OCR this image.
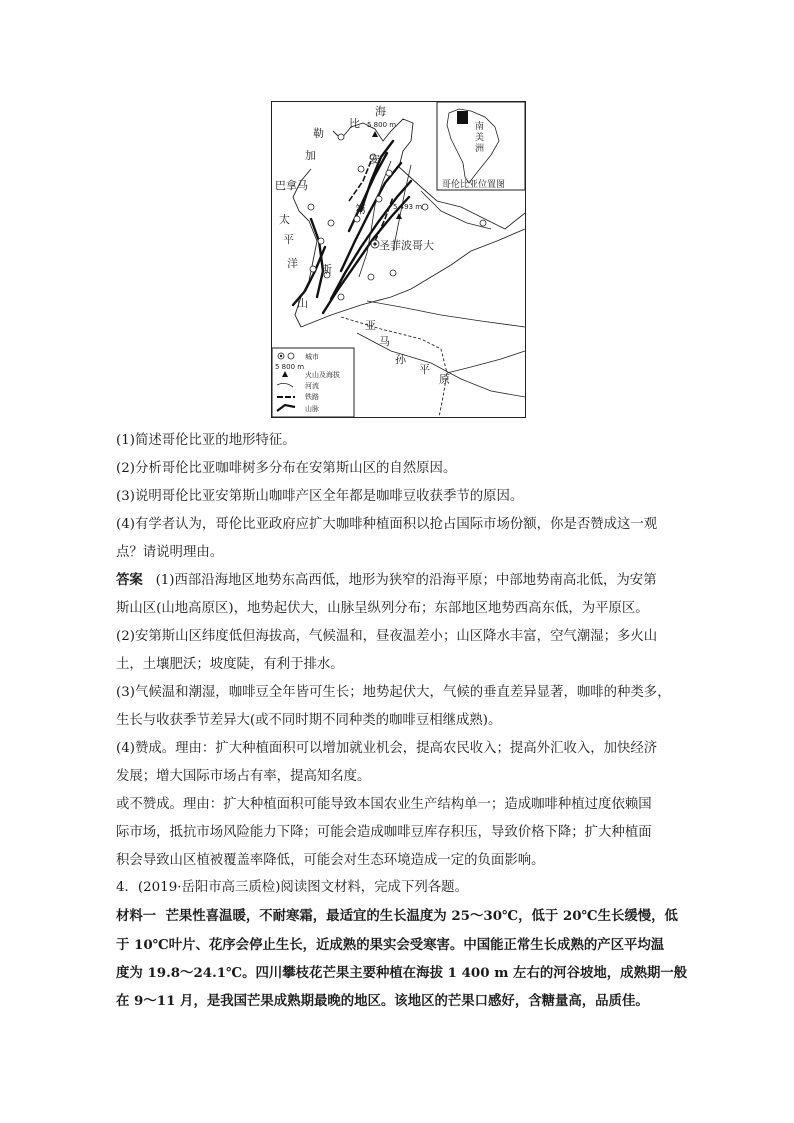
南
美
洲
哥伦比亚位置图
海
比 5 800 m
勒
加	安
巴拿马
第	5 493 m
太
平	圣菲波哥大
洋 斯
山
亚
马
孙
平
原
城市
5 800 m
火山及海拔
河流
铁路
山脉
(1)简述哥伦比亚的地形特征。
(2)分析哥伦比亚咖啡树多分布在安第斯山区的自然原因。
(3)说明哥伦比亚安第斯山咖啡产区全年都是咖啡豆收获季节的原因。
(4)有学者认为，哥伦比亚政府应扩大咖啡种植面积以抢占国际市场份额，你是否赞成这一观
点？请说明理由。
答案 (1)西部沿海地区地势东高西低，地形为狭窄的沿海平原；中部地势南高北低，为安第
斯山区(山地高原区)，地势起伏大，山脉呈纵列分布；东部地区地势西高东低，为平原区。
(2)安第斯山区纬度低但海拔高，气候温和，昼夜温差小；山区降水丰富，空气潮湿；多火山
土，土壤肥沃；坡度陡，有利于排水。
(3)气候温和潮湿，咖啡豆全年皆可生长；地势起伏大，气候的垂直差异显著，咖啡的种类多，
生长与收获季节差异大(或不同时期不同种类的咖啡豆相继成熟)。
(4)赞成。理由：扩大种植面积可以增加就业机会，提高农民收入；提高外汇收入，加快经济
发展；增大国际市场占有率，提高知名度。
或不赞成。理由：扩大种植面积可能导致本国农业生产结构单一；造成咖啡种植过度依赖国
际市场，抵抗市场风险能力下降；可能会造成咖啡豆库存积压，导致价格下降；扩大种植面
积会导致山区植被覆盖率降低，可能会对生态环境造成一定的负面影响。
4．(2019·岳阳市高三质检)阅读图文材料，完成下列各题。
材料一 芒果性喜温暖，不耐寒霜，最适宜的生长温度为 25～30℃，低于 20℃生长缓慢，低
于 10℃叶片、花序会停止生长，近成熟的果实会受寒害。中国能正常生长成熟的产区平均温
度为 19.8～24.1℃。四川攀枝花芒果主要种植在海拔 1 400 m 左右的河谷坡地，成熟期一般
在 9～11 月，是我国芒果成熟期最晚的地区。该地区的芒果口感好，含糖量高，品质佳。
